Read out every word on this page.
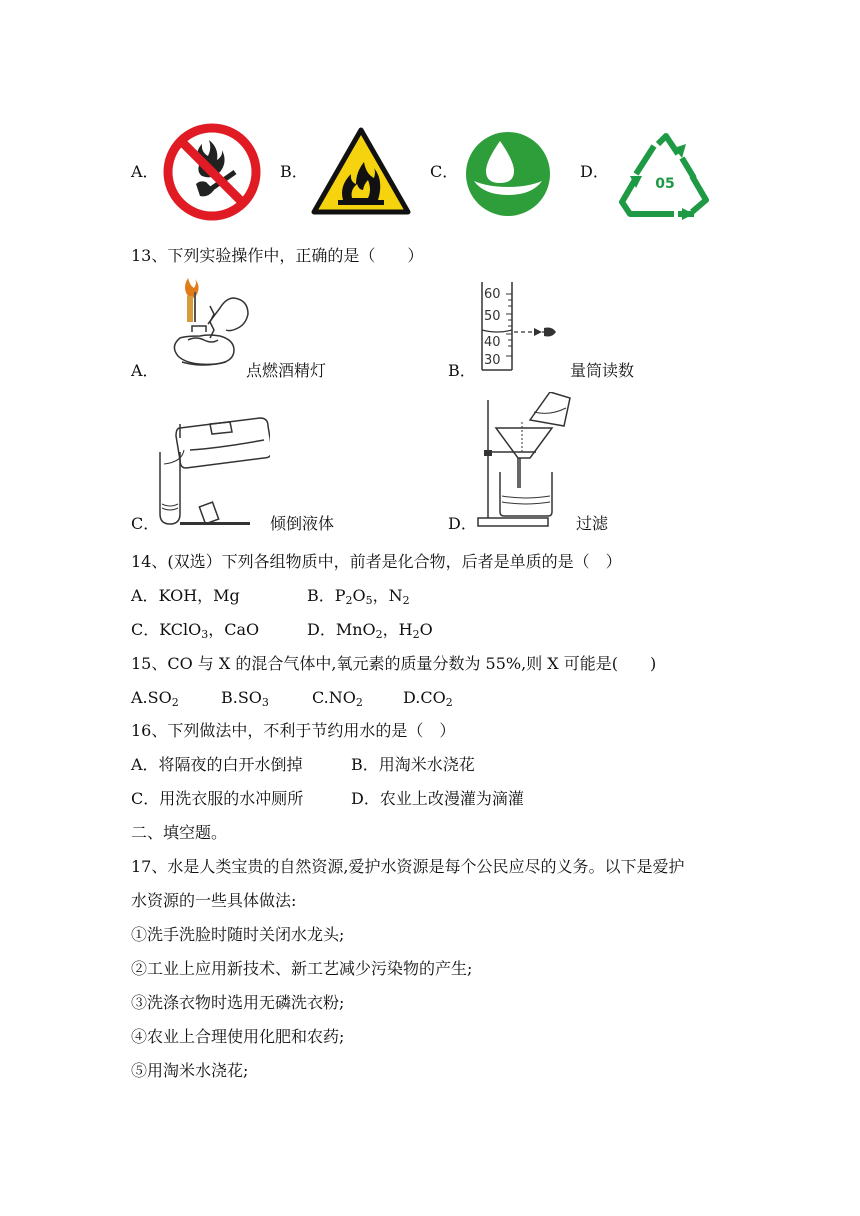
A．	B．	C．	D．
05
13、下列实验操作中，正确的是（　　）
A．	点燃酒精灯
60
50
40
30
B．	量筒读数
C．	倾倒液体	D．	过滤
14、(双选）下列各组物质中，前者是化合物，后者是单质的是（　）
A．KOH，Mg	B．$P_2O_5$，$N_2$
C．KClO$_3$，CaO	D．MnO$_2$，$H_2O$
15、CO 与 X 的混合气体中,氧元素的质量分数为 55%,则 X 可能是(　　)
$A.SO_2$	$B.SO_3$	$C.NO_2$	$D.CO_2$
16、下列做法中，不利于节约用水的是（　）
A．将隔夜的白开水倒掉	B．用淘米水浇花
C．用洗衣服的水冲厕所	D．农业上改漫灌为滴灌
二、填空题。
17、水是人类宝贵的自然资源,爱护水资源是每个公民应尽的义务。以下是爱护
水资源的一些具体做法:
①洗手洗脸时随时关闭水龙头;
②工业上应用新技术、新工艺减少污染物的产生;
③洗涤衣物时选用无磷洗衣粉;
④农业上合理使用化肥和农药;
⑤用淘米水浇花;
